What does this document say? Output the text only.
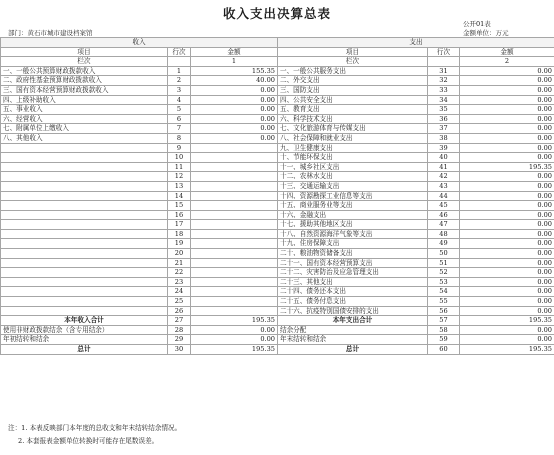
收入支出决算总表
公开01表
部门：黄石市城市建设档案馆	金额单位：万元
收入			支出		
项目	行次	金额	项目	行次	金额
栏次		1	栏次		2
一、一般公共预算财政拨款收入	1	155.35	一、一般公共服务支出	31	0.00
二、政府性基金预算财政拨款收入	2	40.00	二、外交支出	32	0.00
三、国有资本经营预算财政拨款收入	3	0.00	三、国防支出	33	0.00
四、上级补助收入	4	0.00	四、公共安全支出	34	0.00
五、事业收入	5	0.00	五、教育支出	35	0.00
六、经营收入	6	0.00	六、科学技术支出	36	0.00
七、附属单位上缴收入	7	0.00	七、文化旅游体育与传媒支出	37	0.00
八、其他收入	8	0.00	八、社会保障和就业支出	38	0.00
	9		九、卫生健康支出	39	0.00
	10		十、节能环保支出	40	0.00
	11		十一、城乡社区支出	41	195.35
	12		十二、农林水支出	42	0.00
	13		十三、交通运输支出	43	0.00
	14		十四、资源勘探工业信息等支出	44	0.00
	15		十五、商业服务业等支出	45	0.00
	16		十六、金融支出	46	0.00
	17		十七、援助其他地区支出	47	0.00
	18		十八、自然资源海洋气象等支出	48	0.00
	19		十九、住房保障支出	49	0.00
	20		二十、粮油物资储备支出	50	0.00
	21		二十一、国有资本经营预算支出	51	0.00
	22		二十二、灾害防治及应急管理支出	52	0.00
	23		二十三、其他支出	53	0.00
	24		二十四、债务还本支出	54	0.00
	25		二十五、债务付息支出	55	0.00
	26		二十六、抗疫特别国债安排的支出	56	0.00
本年收入合计	27	195.35	本年支出合计	57	195.35
使用非财政拨款结余（含专用结余）	28	0.00	结余分配	58	0.00
年初结转和结余	29	0.00	年末结转和结余	59	0.00
总计	30	195.35	总计	60	195.35
注：1. 本表反映部门本年度的总收支和年末结转结余情况。
2. 本套报表金额单位转换时可能存在尾数误差。
